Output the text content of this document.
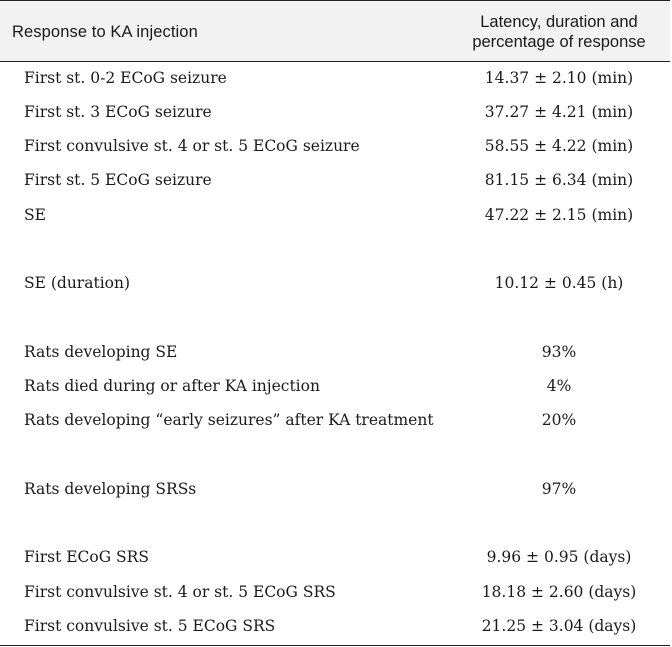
Response to KA injection
Latency, duration and
percentage of response
First st. 0-2 ECoG seizure	14.37 ± 2.10 (min)
First st. 3 ECoG seizure	37.27 ± 4.21 (min)
First convulsive st. 4 or st. 5 ECoG seizure	58.55 ± 4.22 (min)
First st. 5 ECoG seizure	81.15 ± 6.34 (min)
SE	47.22 ± 2.15 (min)
SE (duration)	10.12 ± 0.45 (h)
Rats developing SE	93%
Rats died during or after KA injection	4%
Rats developing “early seizures” after KA treatment	20%
Rats developing SRSs	97%
First ECoG SRS	9.96 ± 0.95 (days)
First convulsive st. 4 or st. 5 ECoG SRS	18.18 ± 2.60 (days)
First convulsive st. 5 ECoG SRS	21.25 ± 3.04 (days)
